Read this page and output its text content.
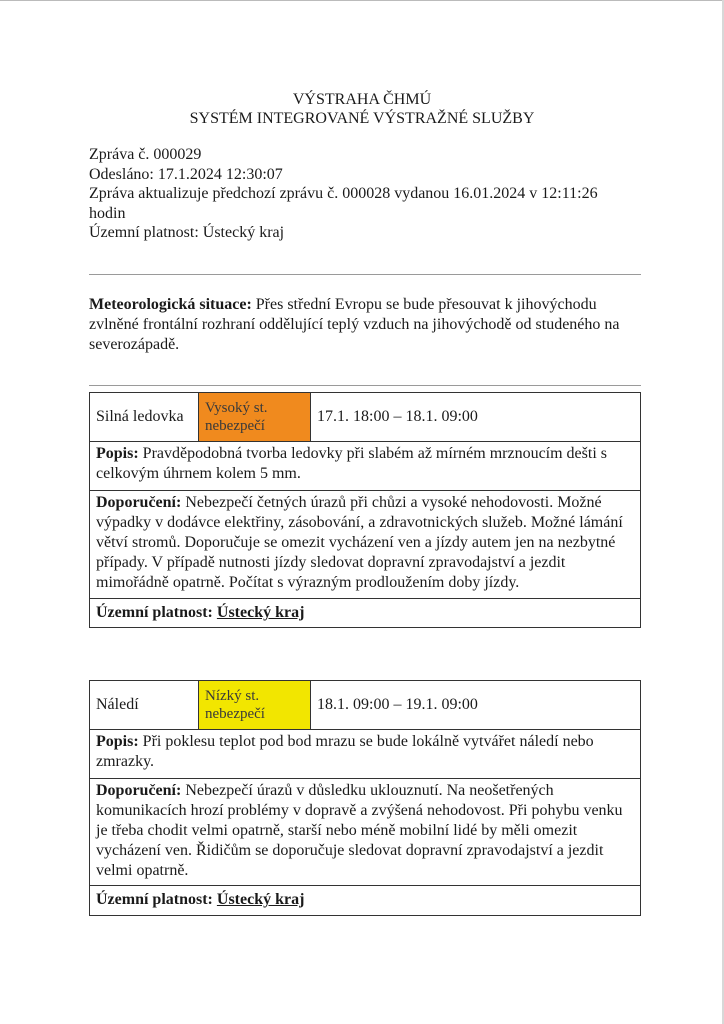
VÝSTRAHA ČHMÚ
SYSTÉM INTEGROVANÉ VÝSTRAŽNÉ SLUŽBY
Zpráva č. 000029
Odesláno: 17.1.2024 12:30:07
Zpráva aktualizuje předchozí zprávu č. 000028 vydanou 16.01.2024 v 12:11:26
hodin
Územní platnost: Ústecký kraj
Meteorologická situace: Přes střední Evropu se bude přesouvat k jihovýchodu zvlněné frontální rozhraní oddělující teplý vzduch na jihovýchodě od studeného na severozápadě.
Silná ledovka	Vysoký st. nebezpečí
17.1. 18:00 – 18.1. 09:00
Popis: Pravděpodobná tvorba ledovky při slabém až mírném mrznoucím dešti s celkovým úhrnem kolem 5 mm.
Doporučení: Nebezpečí četných úrazů při chůzi a vysoké nehodovosti. Možné výpadky v dodávce elektřiny, zásobování, a zdravotnických služeb. Možné lámání větví stromů. Doporučuje se omezit vycházení ven a jízdy autem jen na nezbytné případy. V případě nutnosti jízdy sledovat dopravní zpravodajství a jezdit mimořádně opatrně. Počítat s výrazným prodloužením doby jízdy.
Územní platnost: Ústecký kraj
Náledí	Nízký st. nebezpečí
18.1. 09:00 – 19.1. 09:00
Popis: Při poklesu teplot pod bod mrazu se bude lokálně vytvářet náledí nebo zmrazky.
Doporučení: Nebezpečí úrazů v důsledku uklouznutí. Na neošetřených komunikacích hrozí problémy v dopravě a zvýšená nehodovost. Při pohybu venku je třeba chodit velmi opatrně, starší nebo méně mobilní lidé by měli omezit vycházení ven. Řidičům se doporučuje sledovat dopravní zpravodajství a jezdit velmi opatrně.
Územní platnost: Ústecký kraj
